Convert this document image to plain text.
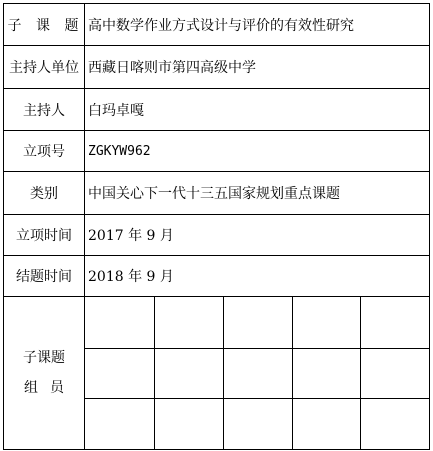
子 课 题	高中数学作业方式设计与评价的有效性研究				
主持人单位	西藏日喀则市第四高级中学				
主持人	白玛卓嘎				
立项号	ZGKYW962				
类别	中国关心下一代十三五国家规划重点课题				
立项时间	2017 年 9 月				
结题时间	2018 年 9 月				

子课题
组员					
